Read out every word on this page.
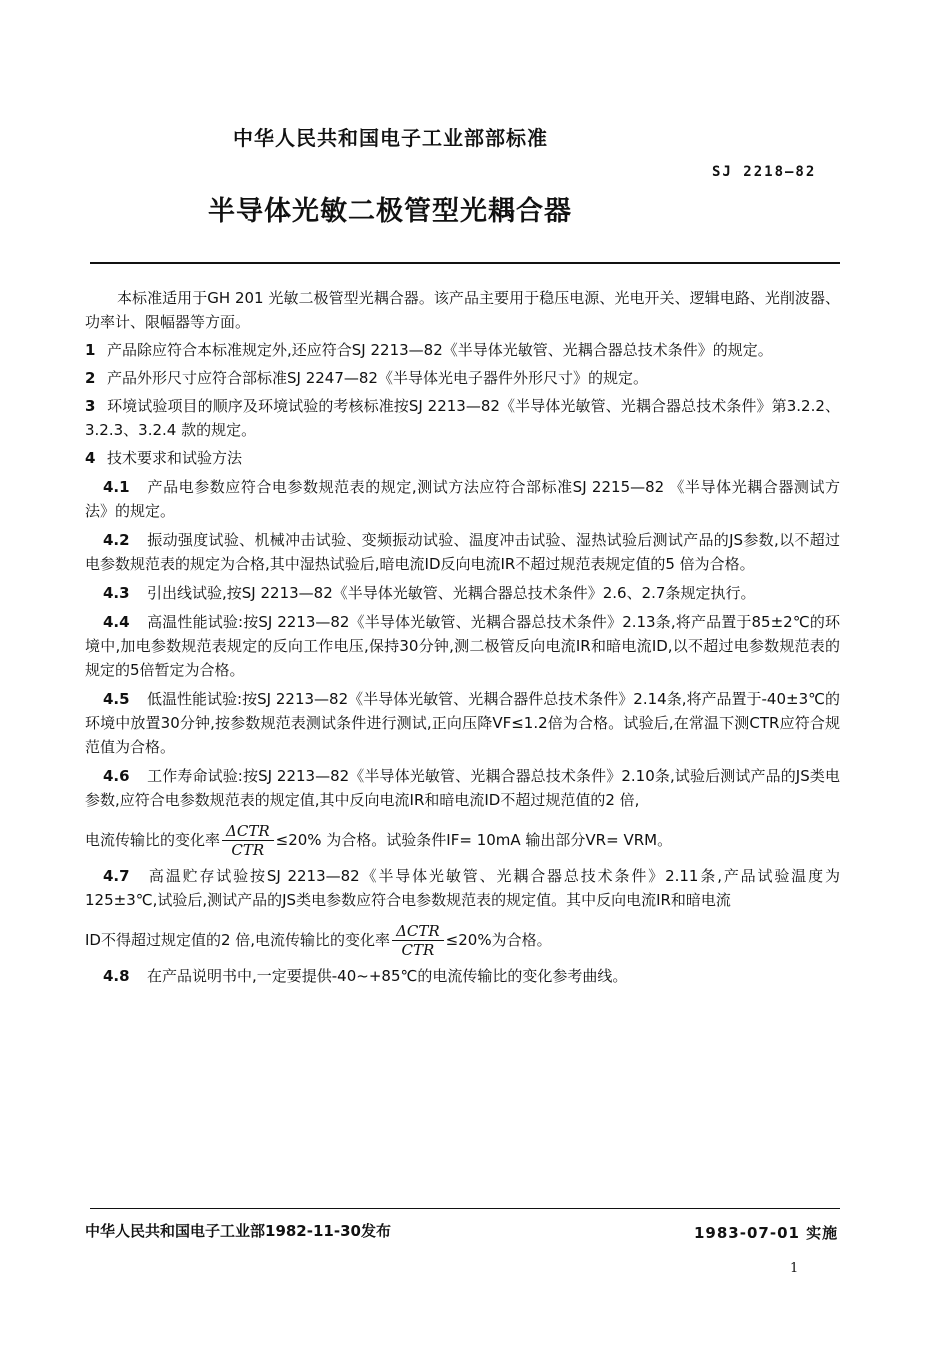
中华人民共和国电子工业部部标准
SJ 2218—82
半导体光敏二极管型光耦合器

本标准适用于GH 201 光敏二极管型光耦合器。该产品主要用于稳压电源、光电开关、逻辑电路、光削波器、功率计、限幅器等方面。

1 产品除应符合本标准规定外,还应符合SJ 2213—82《半导体光敏管、光耦合器总技术条件》的规定。

2 产品外形尺寸应符合部标准SJ 2247—82《半导体光电子器件外形尺寸》的规定。

3 环境试验项目的顺序及环境试验的考核标准按SJ 2213—82《半导体光敏管、光耦合器总技术条件》第3.2.2、3.2.3、3.2.4 款的规定。

4 技术要求和试验方法

4.1 产品电参数应符合电参数规范表的规定,测试方法应符合部标准SJ 2215—82 《半导体光耦合器测试方法》的规定。

4.2 振动强度试验、机械冲击试验、变频振动试验、温度冲击试验、湿热试验后测试产品的JS参数,以不超过电参数规范表的规定为合格,其中湿热试验后,暗电流ID反向电流IR不超过规范表规定值的5 倍为合格。

4.3 引出线试验,按SJ 2213—82《半导体光敏管、光耦合器总技术条件》2.6、2.7条规定执行。

4.4 高温性能试验:按SJ 2213—82《半导体光敏管、光耦合器总技术条件》2.13条,将产品置于85±2℃的环境中,加电参数规范表规定的反向工作电压,保持30分钟,测二极管反向电流IR和暗电流ID,以不超过电参数规范表的规定的5倍暂定为合格。

4.5 低温性能试验:按SJ 2213—82《半导体光敏管、光耦合器件总技术条件》2.14条,将产品置于-40±3℃的环境中放置30分钟,按参数规范表测试条件进行测试,正向压降VF≤1.2倍为合格。试验后,在常温下测CTR应符合规范值为合格。

4.6 工作寿命试验:按SJ 2213—82《半导体光敏管、光耦合器总技术条件》2.10条,试验后测试产品的JS类电参数,应符合电参数规范表的规定值,其中反向电流IR和暗电流ID不超过规范值的2 倍,

电流传输比的变化率 $\frac{\text{ΔCTR}}{\text{CTR}} \le 20\%$ 为合格。试验条件IF= 10mA 输出部分VR= VRM。

4.7 高温贮存试验按SJ 2213—82《半导体光敏管、光耦合器总技术条件》2.11条,产品试验温度为125±3℃,试验后,测试产品的JS类电参数应符合电参数规范表的规定值。其中反向电流IR和暗电流

ID不得超过规定值的2 倍,电流传输比的变化率 $\frac{\text{ΔCTR}}{\text{CTR}} \le 20\%$为合格。

4.8 在产品说明书中,一定要提供-40~+85℃的电流传输比的变化参考曲线。

中华人民共和国电子工业部1982-11-30发布	1983-07-01 实施
1
